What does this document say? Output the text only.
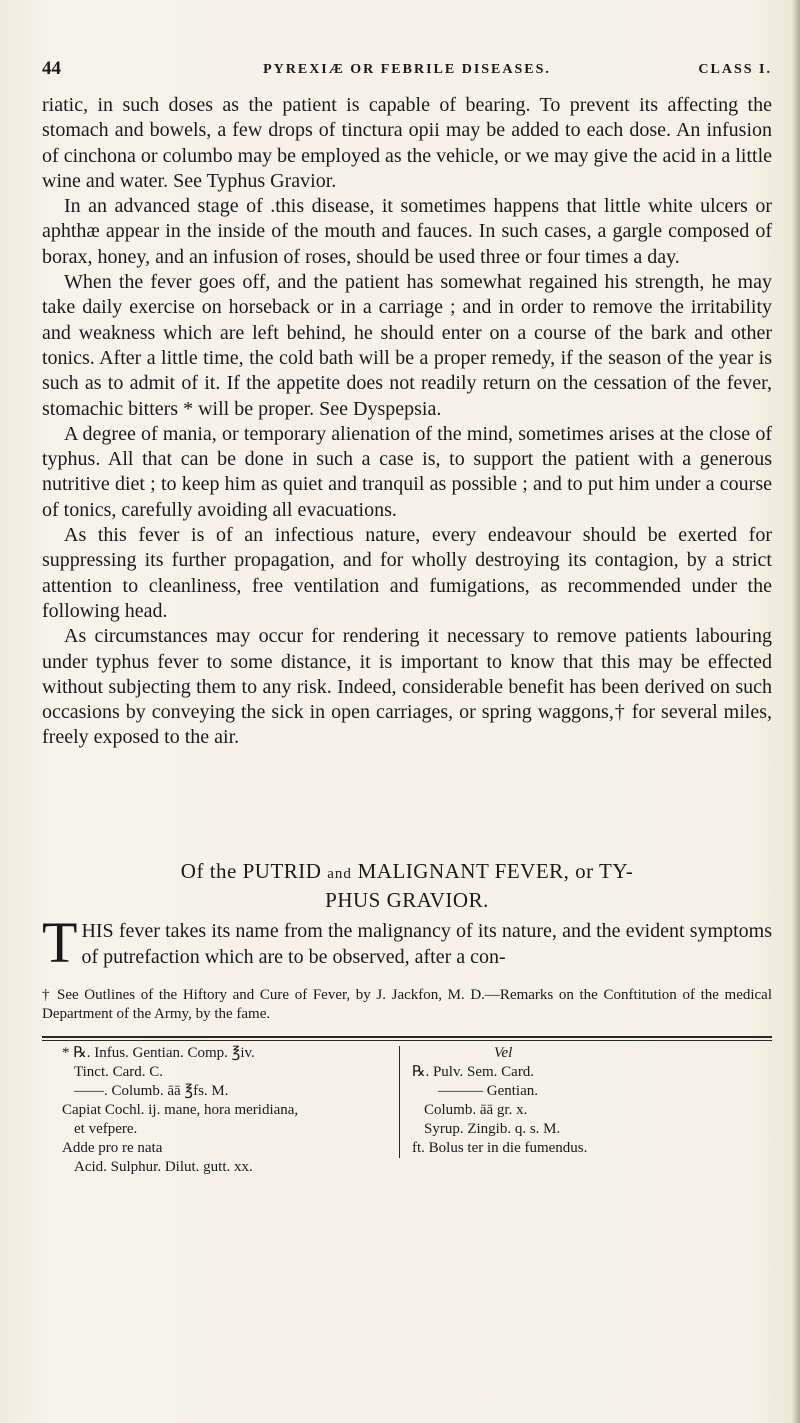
44	PYREXIÆ OR FEBRILE DISEASES.	CLASS I.

riatic, in such doses as the patient is capable of bearing. To prevent its affecting the stomach and bowels, a few drops of tinctura opii may be added to each dose. An infusion of cinchona or columbo may be employed as the vehicle, or we may give the acid in a little wine and water. See Typhus Gravior.

In an advanced stage of .this disease, it sometimes happens that little white ulcers or aphthæ appear in the inside of the mouth and fauces. In such cases, a gargle composed of borax, honey, and an infusion of roses, should be used three or four times a day.

When the fever goes off, and the patient has somewhat regained his strength, he may take daily exercise on horseback or in a carriage ; and in order to remove the irritability and weakness which are left behind, he should enter on a course of the bark and other tonics. After a little time, the cold bath will be a proper remedy, if the season of the year is such as to admit of it. If the appetite does not readily return on the cessation of the fever, stomachic bitters * will be proper. See Dyspepsia.

A degree of mania, or temporary alienation of the mind, sometimes arises at the close of typhus. All that can be done in such a case is, to support the patient with a generous nutritive diet ; to keep him as quiet and tranquil as possible ; and to put him under a course of tonics, carefully avoiding all evacuations.

As this fever is of an infectious nature, every endeavour should be exerted for suppressing its further propagation, and for wholly destroying its contagion, by a strict attention to cleanliness, free ventilation and fumigations, as recommended under the following head.

As circumstances may occur for rendering it necessary to remove patients labouring under typhus fever to some distance, it is important to know that this may be effected without subjecting them to any risk. Indeed, considerable benefit has been derived on such occasions by conveying the sick in open carriages, or spring waggons,† for several miles, freely exposed to the air.

Of the PUTRID and MALIGNANT FEVER, or TY-
PHUS GRAVIOR.
THIS fever takes its name from the malignancy of its nature, and the evident symptoms of putrefaction which are to be observed, after a con-
† See Outlines of the Hiftory and Cure of Fever, by J. Jackfon, M. D.—Remarks on the Conftitution of the medical Department of the Army, by the fame.
* ℞. Infus. Gentian. Comp. ℥iv.
Tinct. Card. C.
——. Columb. āā ℥fs. M.
Capiat Cochl. ij. mane, hora meridiana,
et vefpere.
Adde pro re nata
Acid. Sulphur. Dilut. gutt. xx.
Vel
℞. Pulv. Sem. Card.
——— Gentian.
Columb. āā gr. x.
Syrup. Zingib. q. s. M.
ft. Bolus ter in die fumendus.
